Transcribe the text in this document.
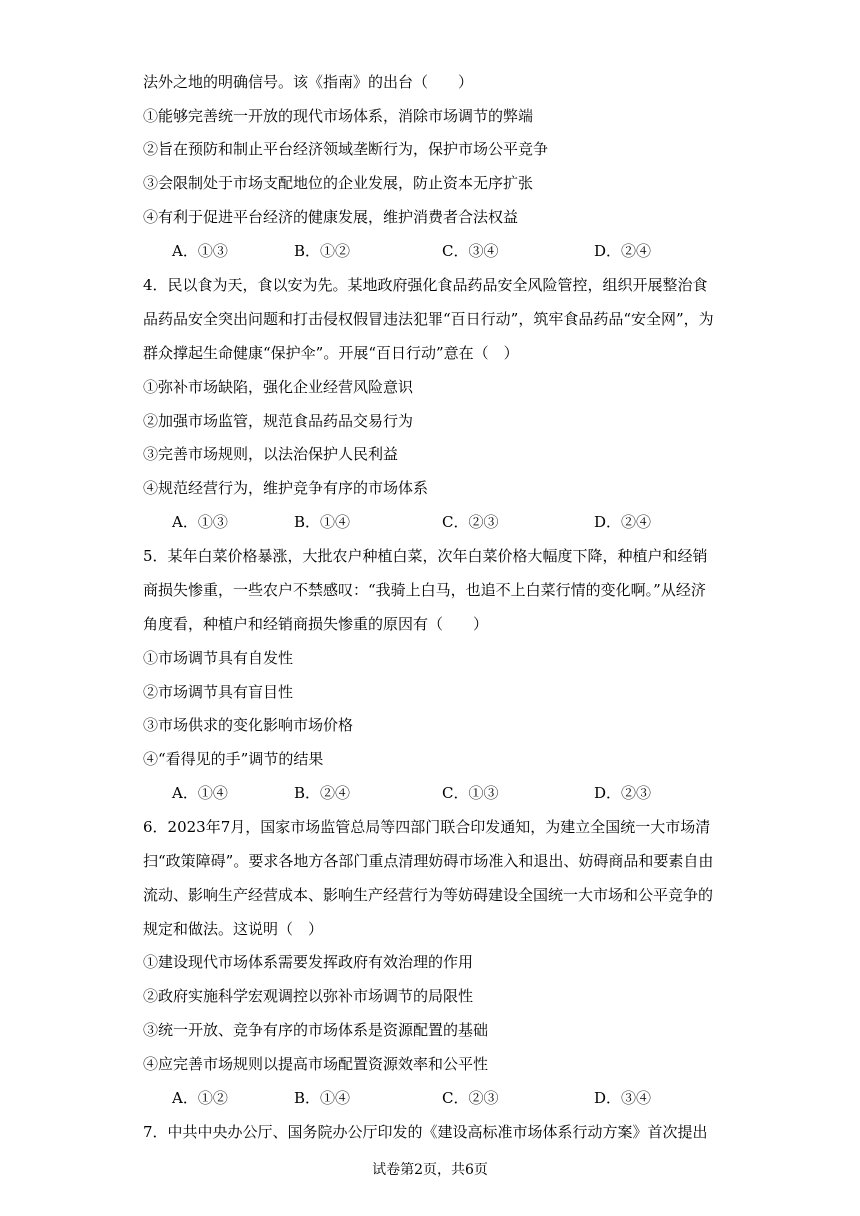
法外之地的明确信号。该《指南》的出台（　　）
①能够完善统一开放的现代市场体系，消除市场调节的弊端
②旨在预防和制止平台经济领域垄断行为，保护市场公平竞争
③会限制处于市场支配地位的企业发展，防止资本无序扩张
④有利于促进平台经济的健康发展，维护消费者合法权益
A．①③	B．①②	C．③④	D．②④
4．民以食为天，食以安为先。某地政府强化食品药品安全风险管控，组织开展整治食
品药品安全突出问题和打击侵权假冒违法犯罪“百日行动”，筑牢食品药品“安全网”，为
群众撑起生命健康“保护伞”。开展“百日行动”意在（　）
①弥补市场缺陷，强化企业经营风险意识
②加强市场监管，规范食品药品交易行为
③完善市场规则，以法治保护人民利益
④规范经营行为，维护竞争有序的市场体系
A．①③	B．①④	C．②③	D．②④
5．某年白菜价格暴涨，大批农户种植白菜，次年白菜价格大幅度下降，种植户和经销
商损失惨重，一些农户不禁感叹：“我骑上白马，也追不上白菜行情的变化啊。”从经济
角度看，种植户和经销商损失惨重的原因有（　　）
①市场调节具有自发性
②市场调节具有盲目性
③市场供求的变化影响市场价格
④“看得见的手”调节的结果
A．①④	B．②④	C．①③	D．②③
6．2023年7月，国家市场监管总局等四部门联合印发通知，为建立全国统一大市场清
扫“政策障碍”。要求各地方各部门重点清理妨碍市场准入和退出、妨碍商品和要素自由
流动、影响生产经营成本、影响生产经营行为等妨碍建设全国统一大市场和公平竞争的
规定和做法。这说明（　）
①建设现代市场体系需要发挥政府有效治理的作用
②政府实施科学宏观调控以弥补市场调节的局限性
③统一开放、竞争有序的市场体系是资源配置的基础
④应完善市场规则以提高市场配置资源效率和公平性
A．①②	B．①④	C．②③	D．③④
7．中共中央办公厅、国务院办公厅印发的《建设高标准市场体系行动方案》首次提出
试卷第2页，共6页
